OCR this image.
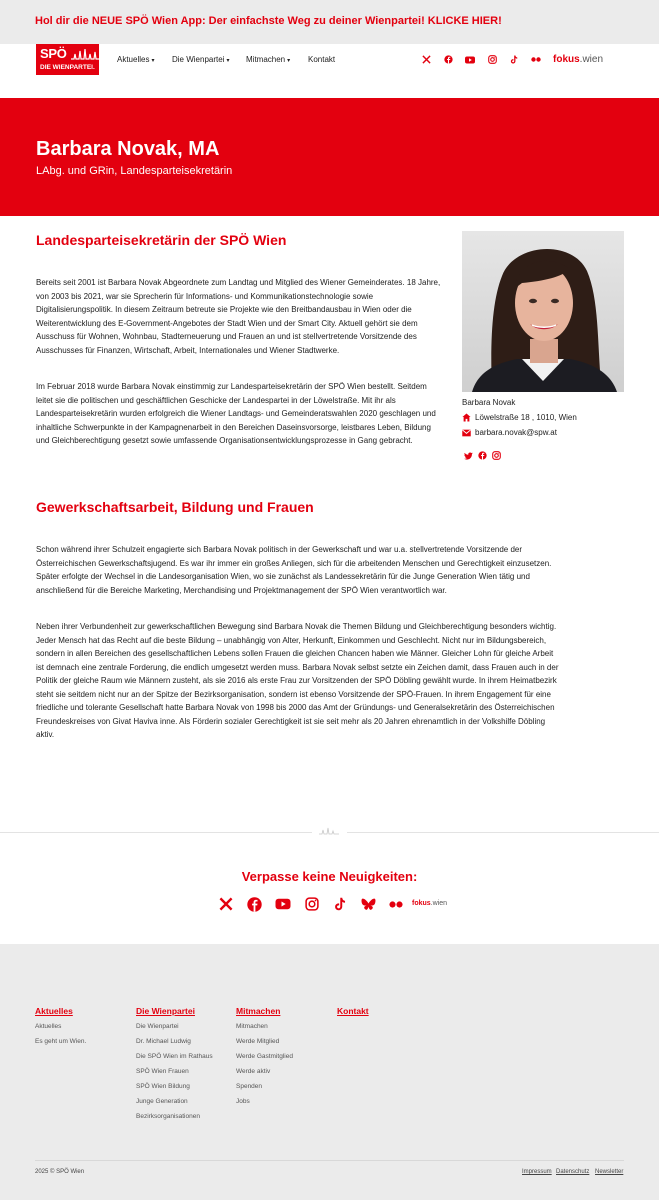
Hol dir die NEUE SPÖ Wien App: Der einfachste Weg zu deiner Wienpartei! KLICKE HIER!
SPÖ
DIE WIENPARTEI.
Aktuelles ▾ Die Wienpartei ▾ Mitmachen ▾ Kontakt	fokus.wien
Barbara Novak, MA
LAbg. und GRin, Landesparteisekretärin
Landesparteisekretärin der SPÖ Wien

Bereits seit 2001 ist Barbara Novak Abgeordnete zum Landtag und Mitglied des Wiener Gemeinderates. 18 Jahre, von 2003 bis 2021, war sie Sprecherin für Informations- und Kommunikationstechnologie sowie Digitalisierungspolitik. In diesem Zeitraum betreute sie Projekte wie den Breitbandausbau in Wien oder die Weiterentwicklung des E-Government-Angebotes der Stadt Wien und der Smart City. Aktuell gehört sie dem Ausschuss für Wohnen, Wohnbau, Stadterneuerung und Frauen an und ist stellvertretende Vorsitzende des Ausschusses für Finanzen, Wirtschaft, Arbeit, Internationales und Wiener Stadtwerke.

Im Februar 2018 wurde Barbara Novak einstimmig zur Landesparteisekretärin der SPÖ Wien bestellt. Seitdem leitet sie die politischen und geschäftlichen Geschicke der Landespartei in der Löwelstraße. Mit ihr als Landesparteisekretärin wurden erfolgreich die Wiener Landtags- und Gemeinderatswahlen 2020 geschlagen und inhaltliche Schwerpunkte in der Kampagnenarbeit in den Bereichen Daseinsvorsorge, leistbares Leben, Bildung und Gleichberechtigung gesetzt sowie umfassende Organisationsentwicklungsprozesse in Gang gebracht.

Barbara Novak
Löwelstraße 18 , 1010, Wien
barbara.novak@spw.at
Gewerkschaftsarbeit, Bildung und Frauen

Schon während ihrer Schulzeit engagierte sich Barbara Novak politisch in der Gewerkschaft und war u.a. stellvertretende Vorsitzende der Österreichischen Gewerkschaftsjugend. Es war ihr immer ein großes Anliegen, sich für die arbeitenden Menschen und Gerechtigkeit einzusetzen. Später erfolgte der Wechsel in die Landesorganisation Wien, wo sie zunächst als Landessekretärin für die Junge Generation Wien tätig und anschließend für die Bereiche Marketing, Merchandising und Projektmanagement der SPÖ Wien verantwortlich war.

Neben ihrer Verbundenheit zur gewerkschaftlichen Bewegung sind Barbara Novak die Themen Bildung und Gleichberechtigung besonders wichtig. Jeder Mensch hat das Recht auf die beste Bildung – unabhängig von Alter, Herkunft, Einkommen und Geschlecht. Nicht nur im Bildungsbereich, sondern in allen Bereichen des gesellschaftlichen Lebens sollen Frauen die gleichen Chancen haben wie Männer. Gleicher Lohn für gleiche Arbeit ist demnach eine zentrale Forderung, die endlich umgesetzt werden muss. Barbara Novak selbst setzte ein Zeichen damit, dass Frauen auch in der Politik der gleiche Raum wie Männern zusteht, als sie 2016 als erste Frau zur Vorsitzenden der SPÖ Döbling gewählt wurde. In ihrem Heimatbezirk steht sie seitdem nicht nur an der Spitze der Bezirksorganisation, sondern ist ebenso Vorsitzende der SPÖ-Frauen. In ihrem Engagement für eine friedliche und tolerante Gesellschaft hatte Barbara Novak von 1998 bis 2000 das Amt der Gründungs- und Generalsekretärin des Österreichischen Freundeskreises von Givat Haviva inne. Als Förderin sozialer Gerechtigkeit ist sie seit mehr als 20 Jahren ehrenamtlich in der Volkshilfe Döbling aktiv.

Verpasse keine Neuigkeiten:
fokus.wien
Aktuelles
Aktuelles
Es geht um Wien.
Die Wienpartei
Die Wienpartei
Dr. Michael Ludwig
Die SPÖ Wien im Rathaus
SPÖ Wien Frauen
SPÖ Wien Bildung
Junge Generation
Bezirksorganisationen
Mitmachen
Mitmachen
Werde Mitglied
Werde Gastmitglied
Werde aktiv
Spenden
Jobs
Kontakt
2025 © SPÖ Wien	Impressum Datenschutz Newsletter
